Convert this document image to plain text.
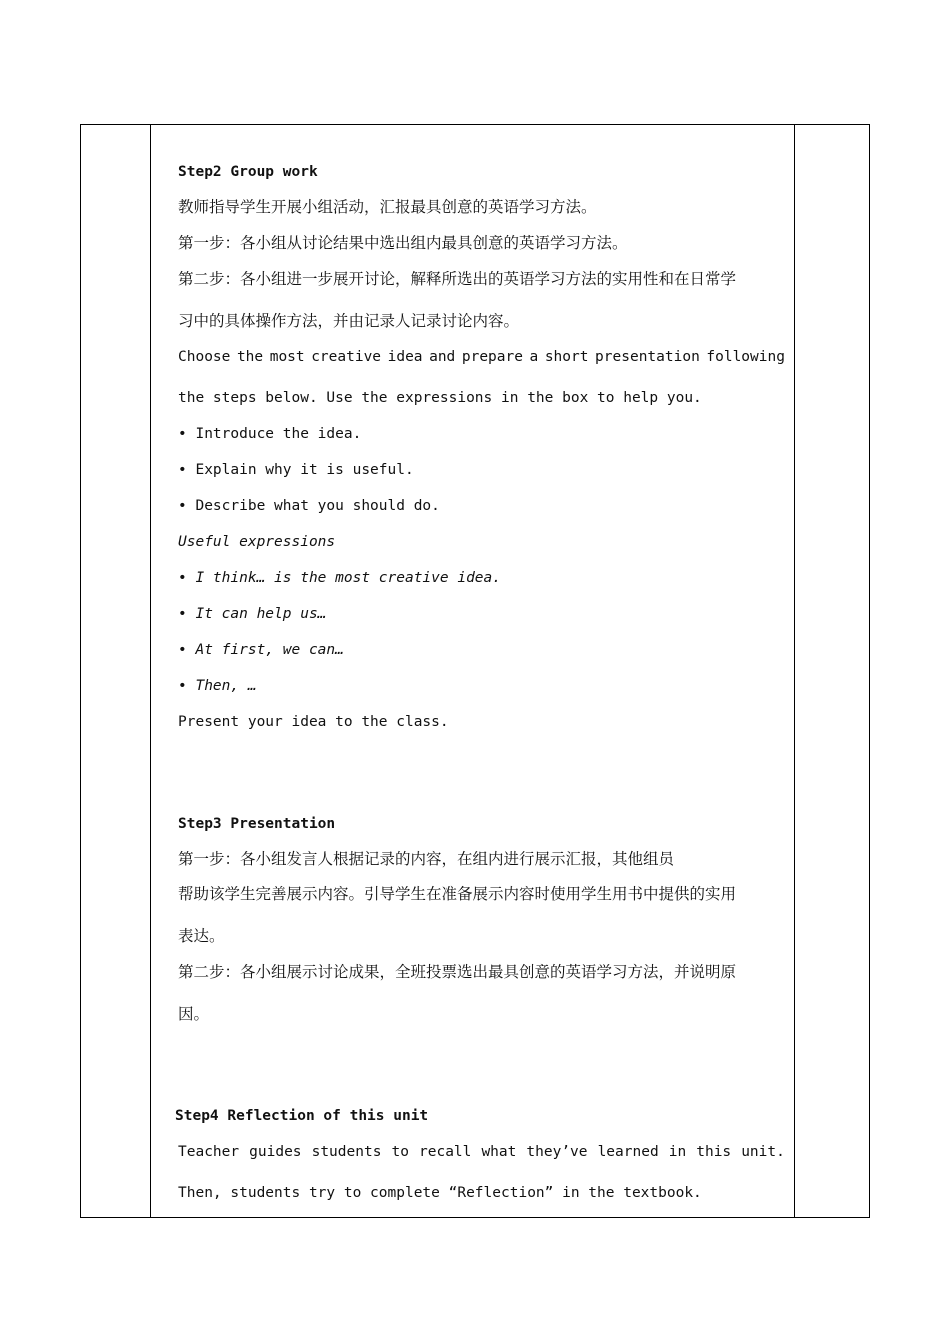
Step2 Group work
教师指导学生开展小组活动，汇报最具创意的英语学习方法。
第一步：各小组从讨论结果中选出组内最具创意的英语学习方法。
第二步：各小组进一步展开讨论，解释所选出的英语学习方法的实用性和在日常学
习中的具体操作方法，并由记录人记录讨论内容。
Choose the most creative idea and prepare a short presentation following
the steps below. Use the expressions in the box to help you.
• Introduce the idea.
• Explain why it is useful.
• Describe what you should do.
Useful expressions
• I think… is the most creative idea.
• It can help us…
• At first, we can…
• Then, …
Present your idea to the class.
Step3 Presentation
第一步：各小组发言人根据记录的内容，在组内进行展示汇报，其他组员
帮助该学生完善展示内容。引导学生在准备展示内容时使用学生用书中提供的实用
表达。
第二步：各小组展示讨论成果，全班投票选出最具创意的英语学习方法，并说明原
因。
Step4 Reflection of this unit
Teacher guides students to recall what they’ve learned in this unit.
Then, students try to complete “Reflection” in the textbook.
